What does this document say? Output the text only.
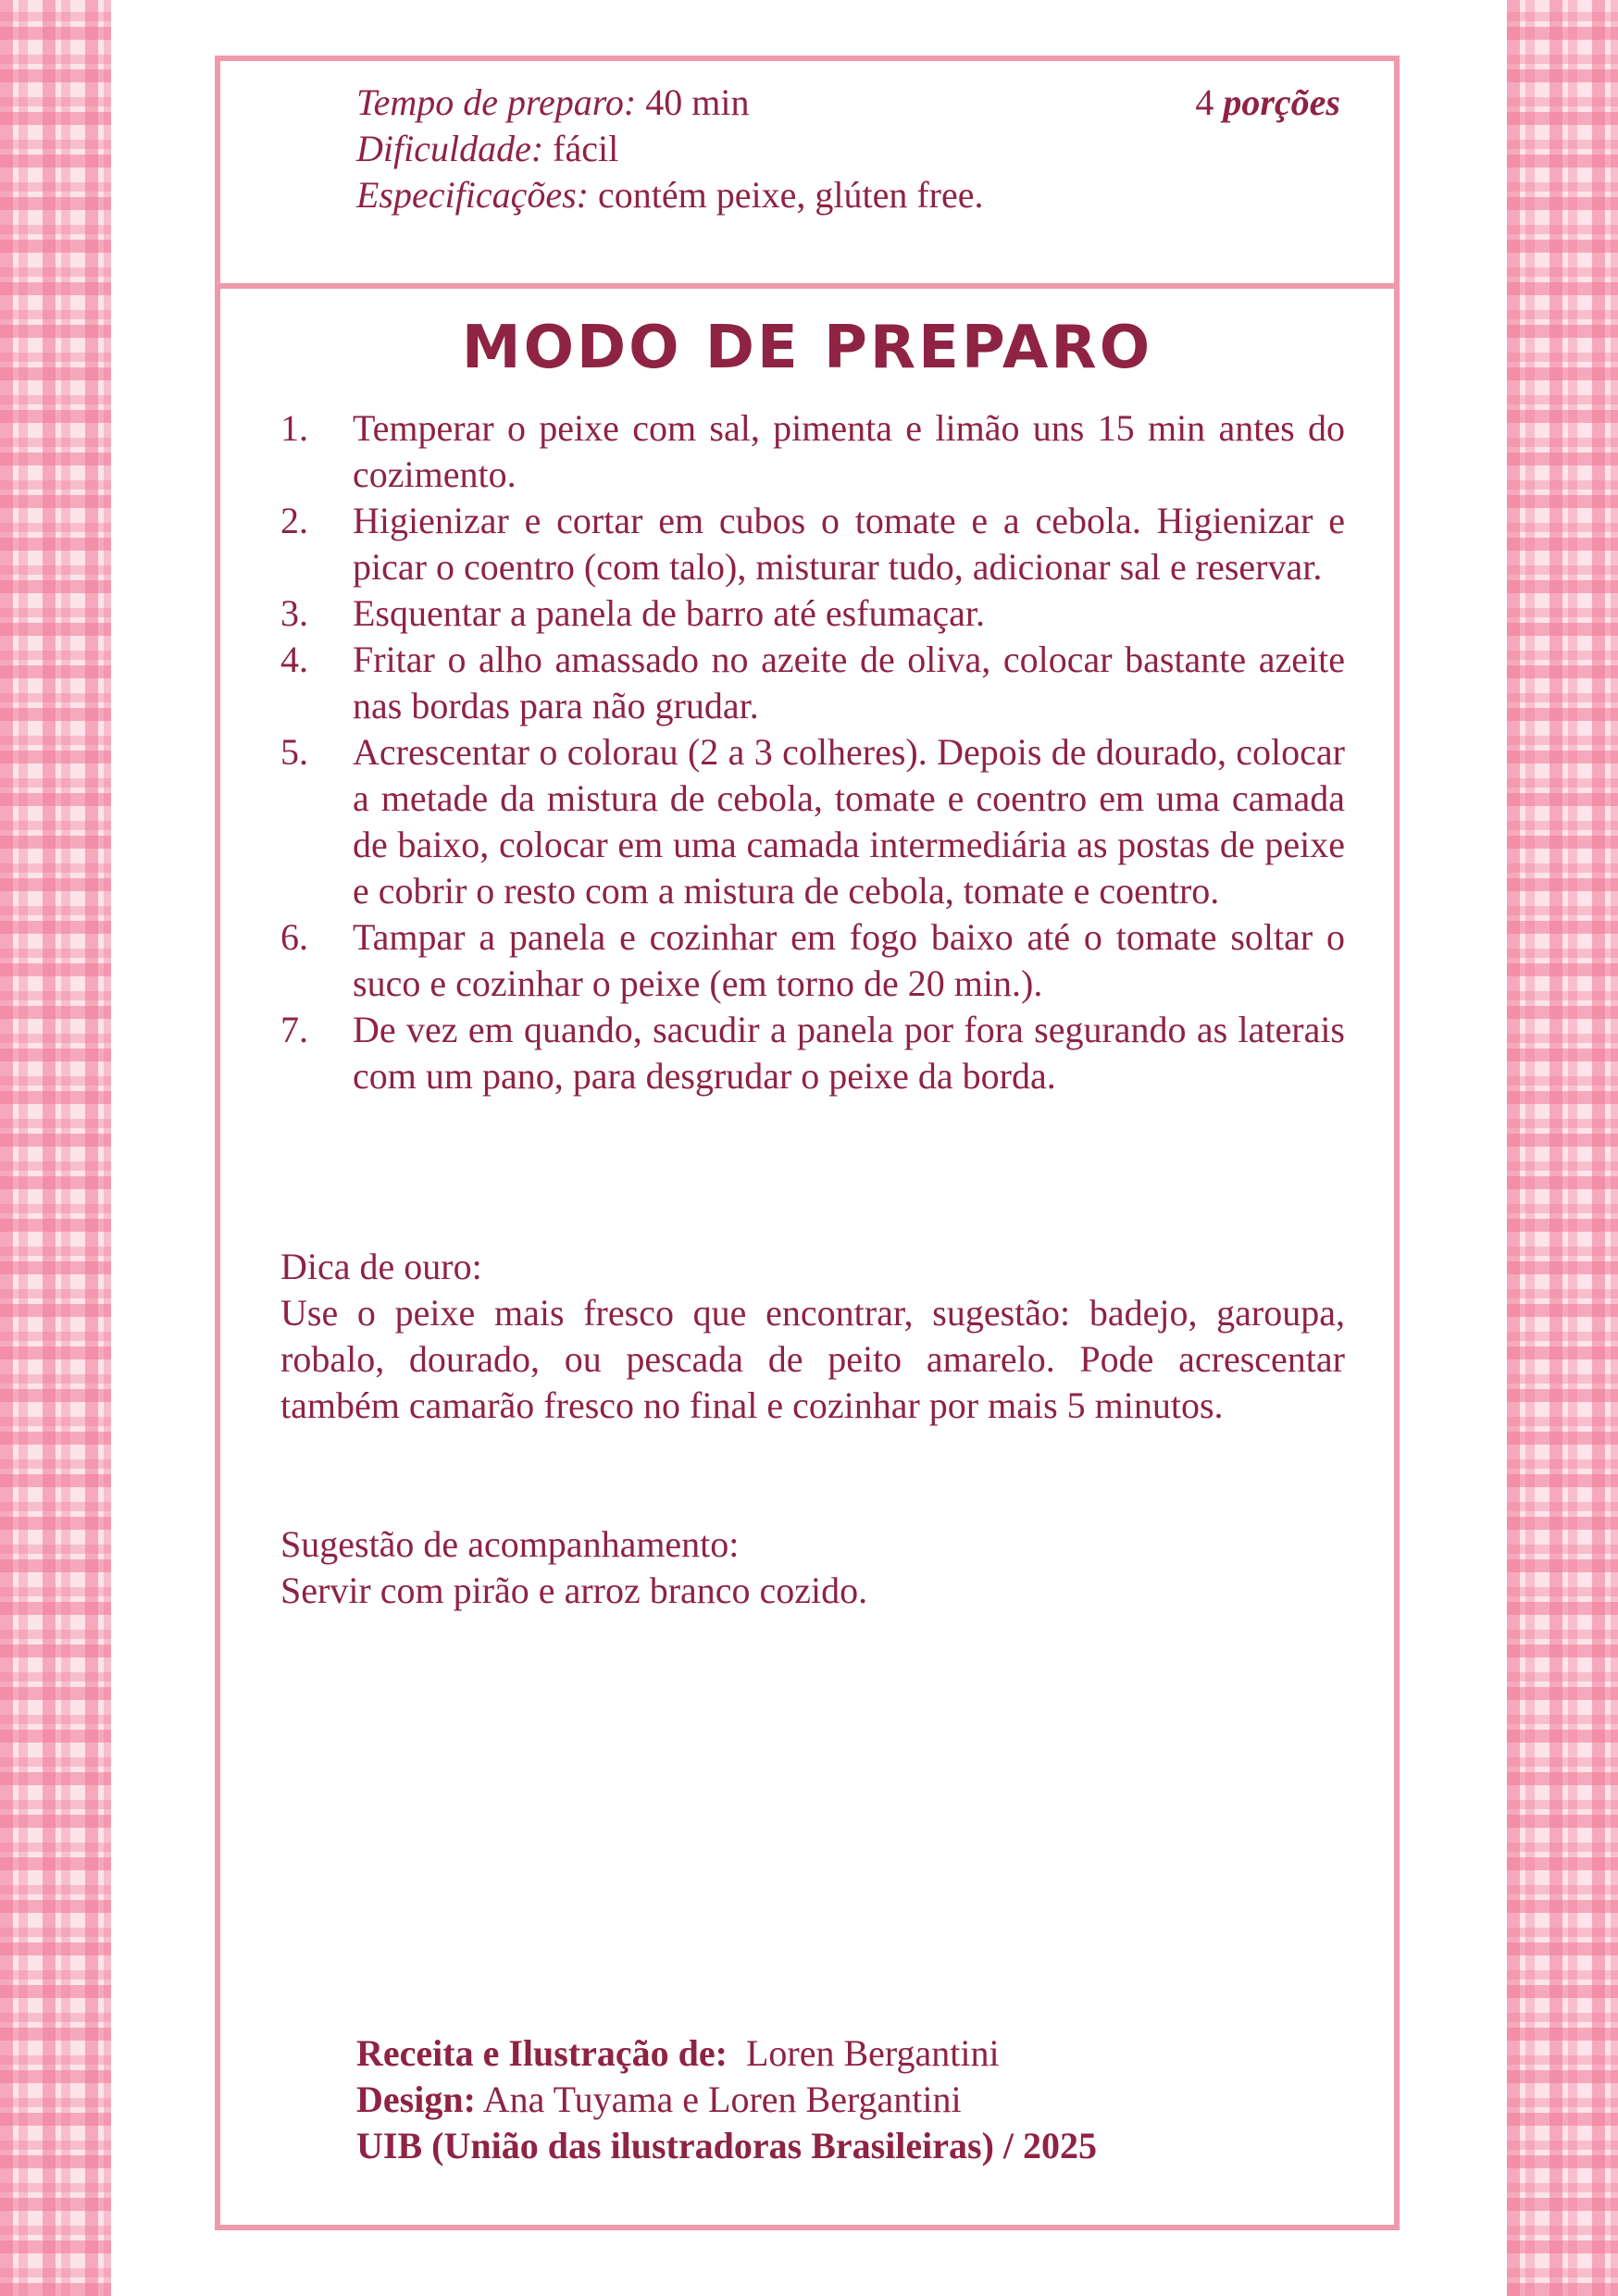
Tempo de preparo: 40 min
Dificuldade: fácil
Especificações: contém peixe, glúten free.
4 porções
MODO DE PREPARO
1. Temperar o peixe com sal, pimenta e limão uns 15 min antes do cozimento.
2. Higienizar e cortar em cubos o tomate e a cebola. Higienizar e picar o coentro (com talo), misturar tudo, adicionar sal e reservar.
3. Esquentar a panela de barro até esfumaçar.
4. Fritar o alho amassado no azeite de oliva, colocar bastante azeite nas bordas para não grudar.
5. Acrescentar o colorau (2 a 3 colheres). Depois de dourado, colocar a metade da mistura de cebola, tomate e coentro em uma camada de baixo, colocar em uma camada intermediária as postas de peixe e cobrir o resto com a mistura de cebola, tomate e coentro.
6. Tampar a panela e cozinhar em fogo baixo até o tomate soltar o suco e cozinhar o peixe (em torno de 20 min.).
7. De vez em quando, sacudir a panela por fora segurando as laterais com um pano, para desgrudar o peixe da borda.
Dica de ouro:
Use o peixe mais fresco que encontrar, sugestão: badejo, garoupa, robalo, dourado, ou pescada de peito amarelo. Pode acrescentar também camarão fresco no final e cozinhar por mais 5 minutos.
Sugestão de acompanhamento:
Servir com pirão e arroz branco cozido.
Receita e Ilustração de: Loren Bergantini
Design: Ana Tuyama e Loren Bergantini
UIB (União das ilustradoras Brasileiras) / 2025
